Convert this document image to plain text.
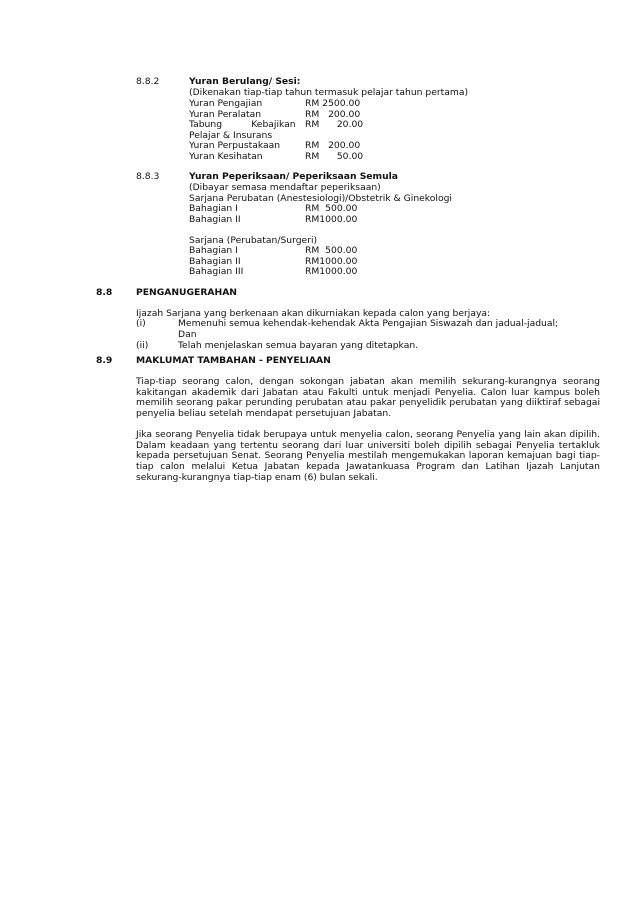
8.8.2	Yuran Berulang/ Sesi:
(Dikenakan tiap-tiap tahun termasuk pelajar tahun pertama)
Yuran Pengajian	RM 2500.00
Yuran Peralatan	RM   200.00
Tabung          Kebajikan RM      20.00
Pelajar & Insurans
Yuran Perpustakaan	RM   200.00
Yuran Kesihatan	RM      50.00
8.8.3	Yuran Peperiksaan/ Peperiksaan Semula
(Dibayar semasa mendaftar peperiksaan)
Sarjana Perubatan (Anestesiologi)/Obstetrik & Ginekologi
Bahagian I	RM  500.00
Bahagian II	RM1000.00
Sarjana (Perubatan/Surgeri)
Bahagian I	RM  500.00
Bahagian II	RM1000.00
Bahagian III	RM1000.00
8.8	PENGANUGERAHAN
Ijazah Sarjana yang berkenaan akan dikurniakan kepada calon yang berjaya:
(i)	Memenuhi semua kehendak-kehendak Akta Pengajian Siswazah dan jadual-jadual;
Dan
(ii)	Telah menjelaskan semua bayaran yang ditetapkan.
8.9	MAKLUMAT TAMBAHAN - PENYELIAAN
Tiap-tiap seorang calon, dengan sokongan jabatan akan memilih sekurang-kurangnya seorang kakitangan akademik dari Jabatan atau Fakulti untuk menjadi Penyelia. Calon luar kampus boleh memilih seorang pakar perunding perubatan atau pakar penyelidik perubatan yang diiktiraf sebagai penyelia beliau setelah mendapat persetujuan Jabatan.
Jika seorang Penyelia tidak berupaya untuk menyelia calon, seorang Penyelia yang lain akan dipilih. Dalam keadaan yang tertentu seorang dari luar universiti boleh dipilih sebagai Penyelia tertakluk kepada persetujuan Senat. Seorang Penyelia mestilah mengemukakan laporan kemajuan bagi tiap-tiap calon melalui Ketua Jabatan kepada Jawatankuasa Program dan Latihan Ijazah Lanjutan sekurang-kurangnya tiap-tiap enam (6) bulan sekali.
